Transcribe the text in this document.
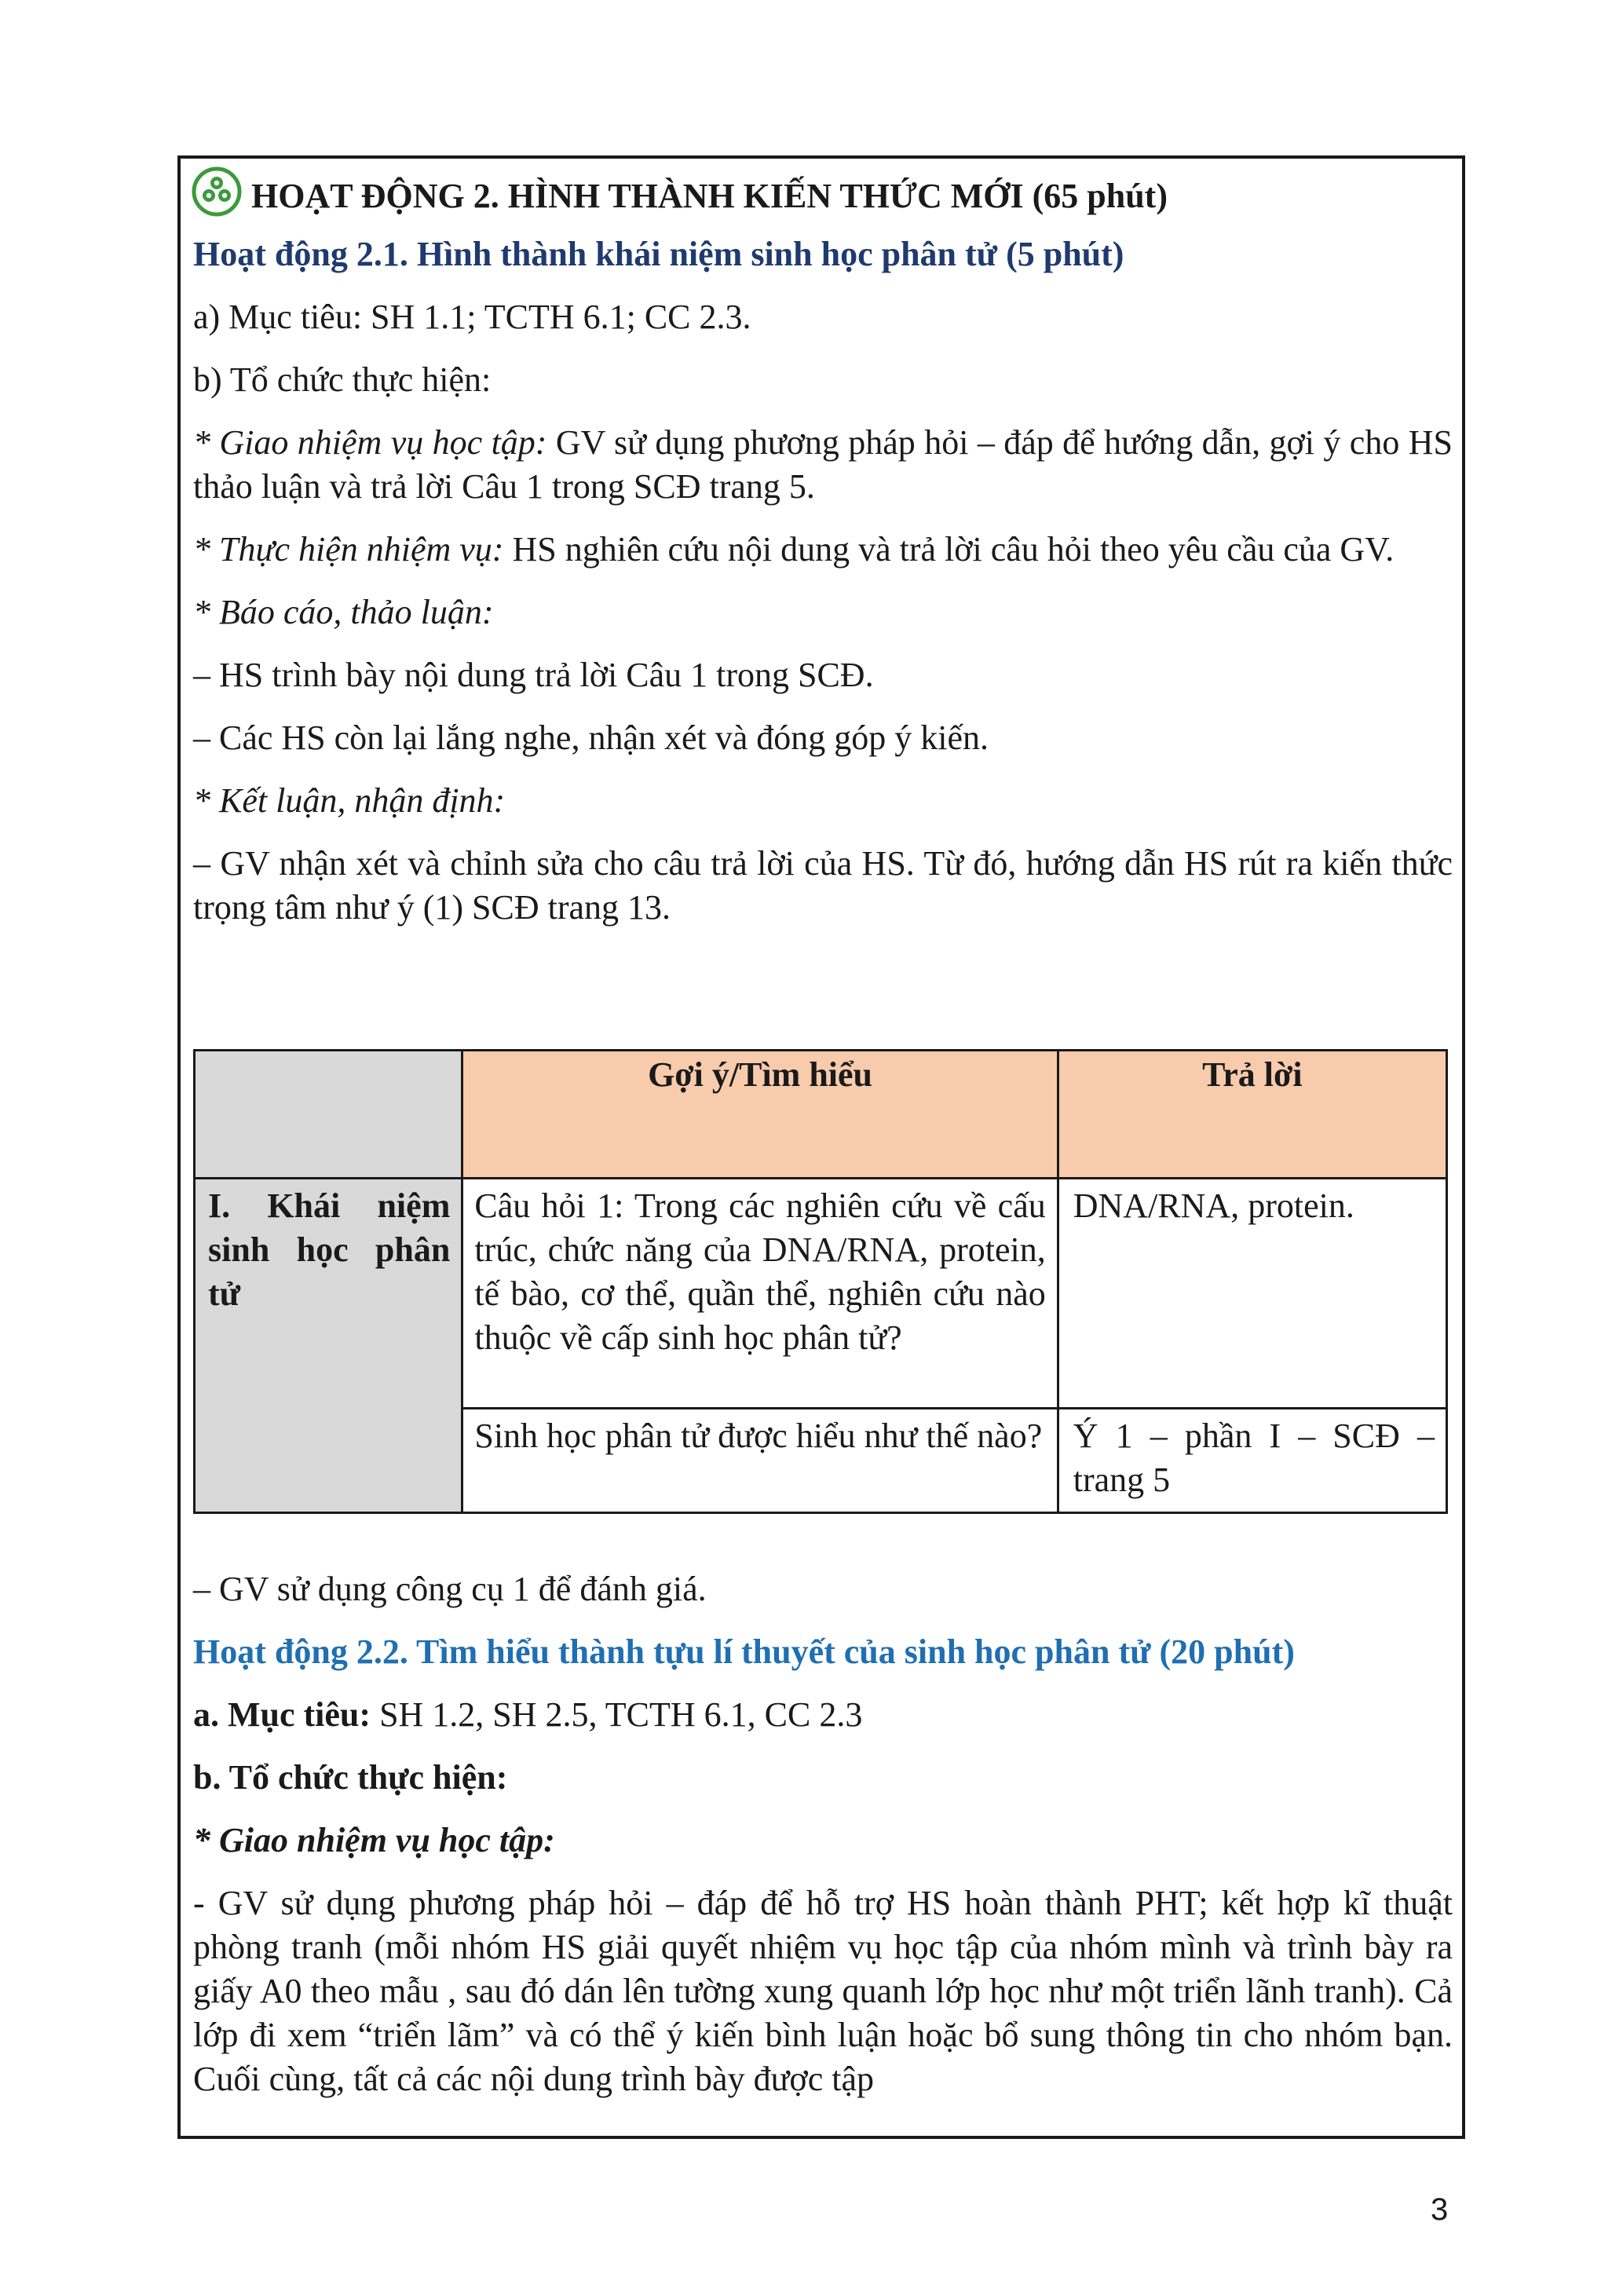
HOẠT ĐỘNG 2. HÌNH THÀNH KIẾN THỨC MỚI (65 phút)
Hoạt động 2.1. Hình thành khái niệm sinh học phân tử (5 phút)

a) Mục tiêu: SH 1.1; TCTH 6.1; CC 2.3.

b) Tổ chức thực hiện:

* Giao nhiệm vụ học tập: GV sử dụng phương pháp hỏi – đáp để hướng dẫn, gợi ý cho HS thảo luận và trả lời Câu 1 trong SCĐ trang 5.

* Thực hiện nhiệm vụ: HS nghiên cứu nội dung và trả lời câu hỏi theo yêu cầu của GV.

* Báo cáo, thảo luận:

– HS trình bày nội dung trả lời Câu 1 trong SCĐ.

– Các HS còn lại lắng nghe, nhận xét và đóng góp ý kiến.

* Kết luận, nhận định:

– GV nhận xét và chỉnh sửa cho câu trả lời của HS. Từ đó, hướng dẫn HS rút ra kiến thức trọng tâm như ý (1) SCĐ trang 13.

	Gợi ý/Tìm hiểu	Trả lời
I. Khái niệm sinh học phân tử	Câu hỏi 1: Trong các nghiên cứu về cấu trúc, chức năng của DNA/RNA, protein, tế bào, cơ thể, quần thể, nghiên cứu nào thuộc về cấp sinh học phân tử?	DNA/RNA, protein.
	Sinh học phân tử được hiểu như thế nào?	Ý 1 – phần I – SCĐ – trang 5

– GV sử dụng công cụ 1 để đánh giá.

Hoạt động 2.2. Tìm hiểu thành tựu lí thuyết của sinh học phân tử (20 phút)

a. Mục tiêu: SH 1.2, SH 2.5, TCTH 6.1, CC 2.3

b. Tổ chức thực hiện:

* Giao nhiệm vụ học tập:

- GV sử dụng phương pháp hỏi – đáp để hỗ trợ HS hoàn thành PHT; kết hợp kĩ thuật phòng tranh (mỗi nhóm HS giải quyết nhiệm vụ học tập của nhóm mình và trình bày ra giấy A0 theo mẫu , sau đó dán lên tường xung quanh lớp học như một triển lãnh tranh). Cả lớp đi xem “triển lãm” và có thể ý kiến bình luận hoặc bổ sung thông tin cho nhóm bạn. Cuối cùng, tất cả các nội dung trình bày được tập

3
